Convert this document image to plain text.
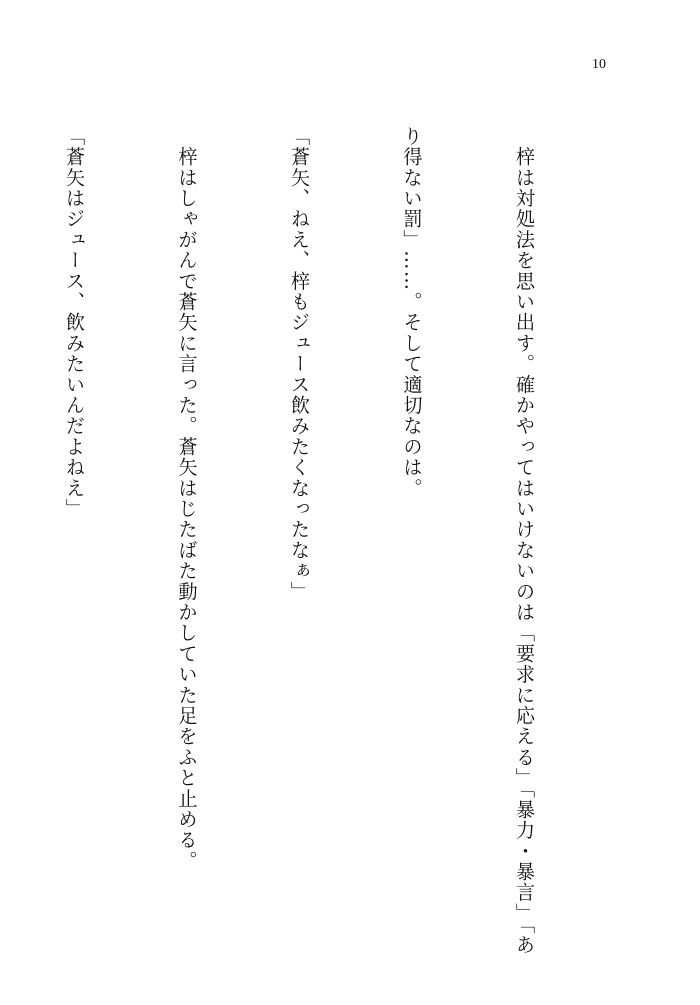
10

　梓は対処法を思い出す。確かやってはいけないのは「要求に応える」「暴力・暴言」「あ

り得ない罰」……。そして適切なのは。

「蒼矢、ねえ、梓もジュース飲みたくなったなぁ」

　梓はしゃがんで蒼矢に言った。蒼矢はじたばた動かしていた足をふと止める。

「蒼矢はジュース、飲みたいんだよねえ」
